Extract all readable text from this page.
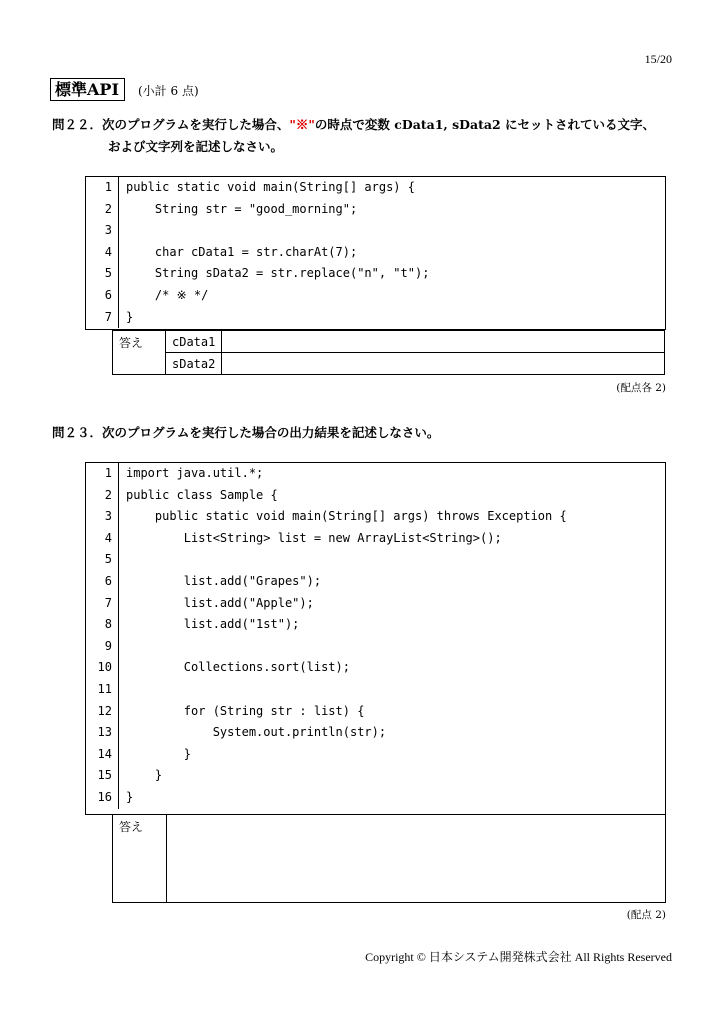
15/20
標準API	(小計 6 点)
問２２．次のプログラムを実行した場合、"※"の時点で変数 cData1, sData2 にセットされている文字、
および文字列を記述しなさい。
1	public static void main(String[] args) {
2	String str = "good_morning";
3	
4	char cData1 = str.charAt(7);
5	String sData2 = str.replace("n", "t");
6	/* ※ */
7	}
答え	cData1	
	sData2	
(配点各 2)
問２３．次のプログラムを実行した場合の出力結果を記述しなさい。
1	import java.util.*;
2	public class Sample {
3	public static void main(String[] args) throws Exception {
4	List<String> list = new ArrayList<String>();
5	
6	list.add("Grapes");
7	list.add("Apple");
8	list.add("1st");
9	
10	Collections.sort(list);
11	
12	for (String str : list) {
13	System.out.println(str);
14	}
15	}
16	}
答え
(配点 2)
Copyright © 日本システム開発株式会社 All Rights Reserved
